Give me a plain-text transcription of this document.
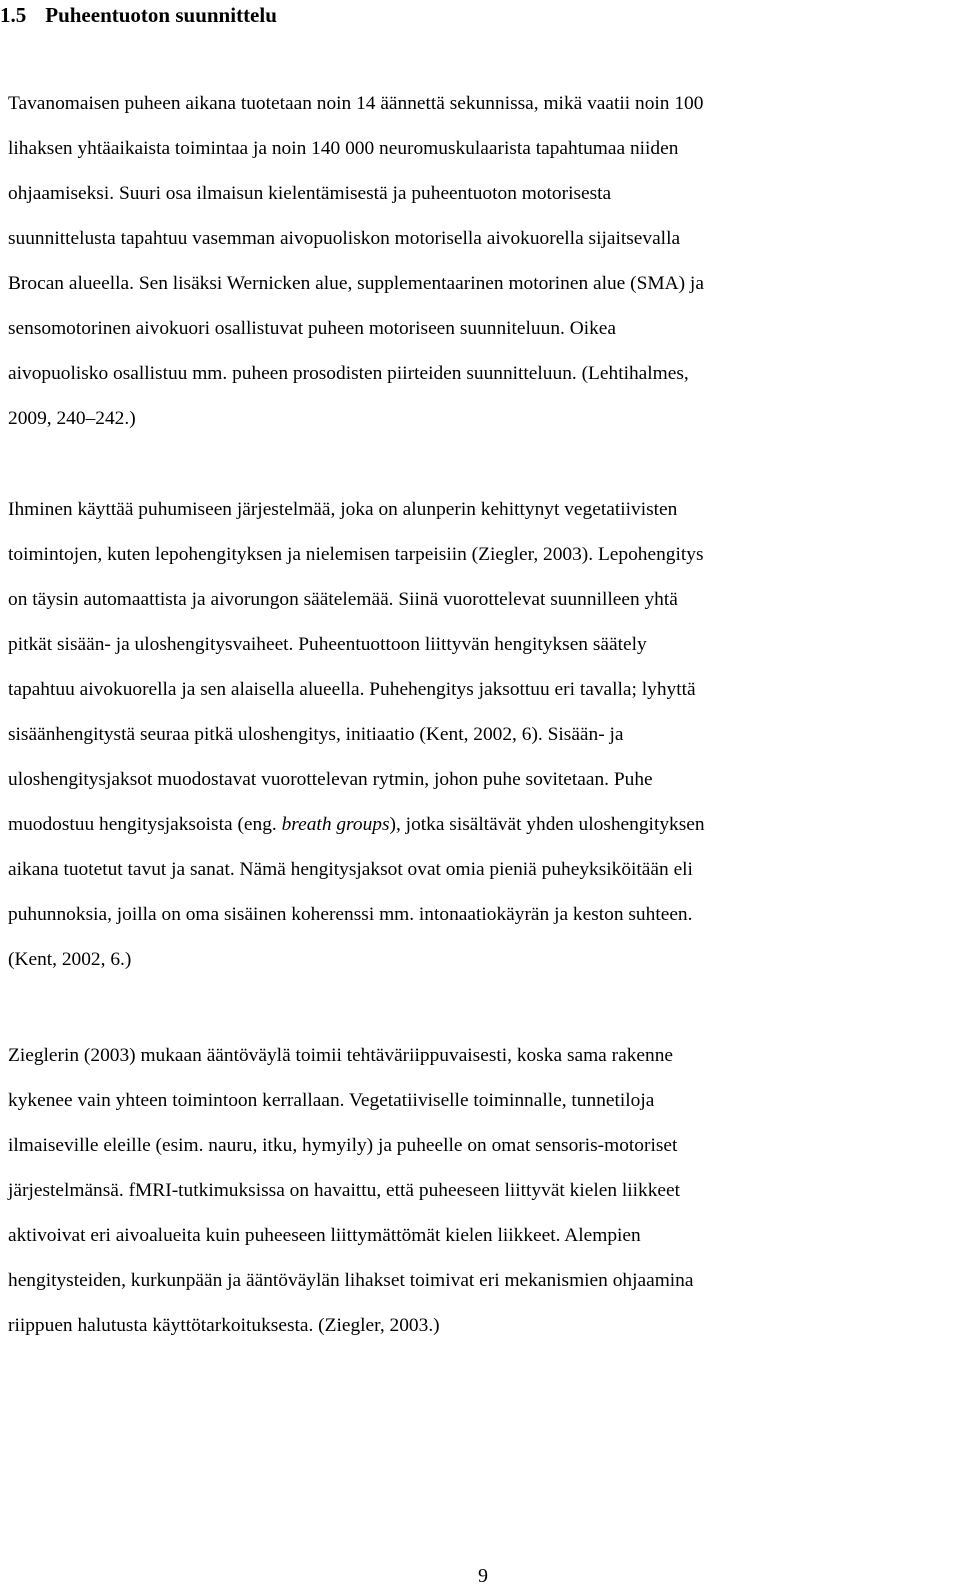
1.5 Puheentuoton suunnittelu

Tavanomaisen puheen aikana tuotetaan noin 14 äännettä sekunnissa, mikä vaatii noin 100
lihaksen yhtäaikaista toimintaa ja noin 140 000 neuromuskulaarista tapahtumaa niiden
ohjaamiseksi. Suuri osa ilmaisun kielentämisestä ja puheentuoton motorisesta
suunnittelusta tapahtuu vasemman aivopuoliskon motorisella aivokuorella sijaitsevalla
Brocan alueella. Sen lisäksi Wernicken alue, supplementaarinen motorinen alue (SMA) ja
sensomotorinen aivokuori osallistuvat puheen motoriseen suunniteluun. Oikea
aivopuolisko osallistuu mm. puheen prosodisten piirteiden suunnitteluun. (Lehtihalmes,
2009, 240–242.)

Ihminen käyttää puhumiseen järjestelmää, joka on alunperin kehittynyt vegetatiivisten
toimintojen, kuten lepohengityksen ja nielemisen tarpeisiin (Ziegler, 2003). Lepohengitys
on täysin automaattista ja aivorungon säätelemää. Siinä vuorottelevat suunnilleen yhtä
pitkät sisään- ja uloshengitysvaiheet. Puheentuottoon liittyvän hengityksen säätely
tapahtuu aivokuorella ja sen alaisella alueella. Puhehengitys jaksottuu eri tavalla; lyhyttä
sisäänhengitystä seuraa pitkä uloshengitys, initiaatio (Kent, 2002, 6). Sisään- ja
uloshengitysjaksot muodostavat vuorottelevan rytmin, johon puhe sovitetaan. Puhe
muodostuu hengitysjaksoista (eng. breath groups), jotka sisältävät yhden uloshengityksen
aikana tuotetut tavut ja sanat. Nämä hengitysjaksot ovat omia pieniä puheyksiköitään eli
puhunnoksia, joilla on oma sisäinen koherenssi mm. intonaatiokäyrän ja keston suhteen.
(Kent, 2002, 6.)

Zieglerin (2003) mukaan ääntöväylä toimii tehtäväriippuvaisesti, koska sama rakenne
kykenee vain yhteen toimintoon kerrallaan. Vegetatiiviselle toiminnalle, tunnetiloja
ilmaiseville eleille (esim. nauru, itku, hymyily) ja puheelle on omat sensoris-motoriset
järjestelmänsä. fMRI-tutkimuksissa on havaittu, että puheeseen liittyvät kielen liikkeet
aktivoivat eri aivoalueita kuin puheeseen liittymättömät kielen liikkeet. Alempien
hengitysteiden, kurkunpään ja ääntöväylän lihakset toimivat eri mekanismien ohjaamina
riippuen halutusta käyttötarkoituksesta. (Ziegler, 2003.)

9
